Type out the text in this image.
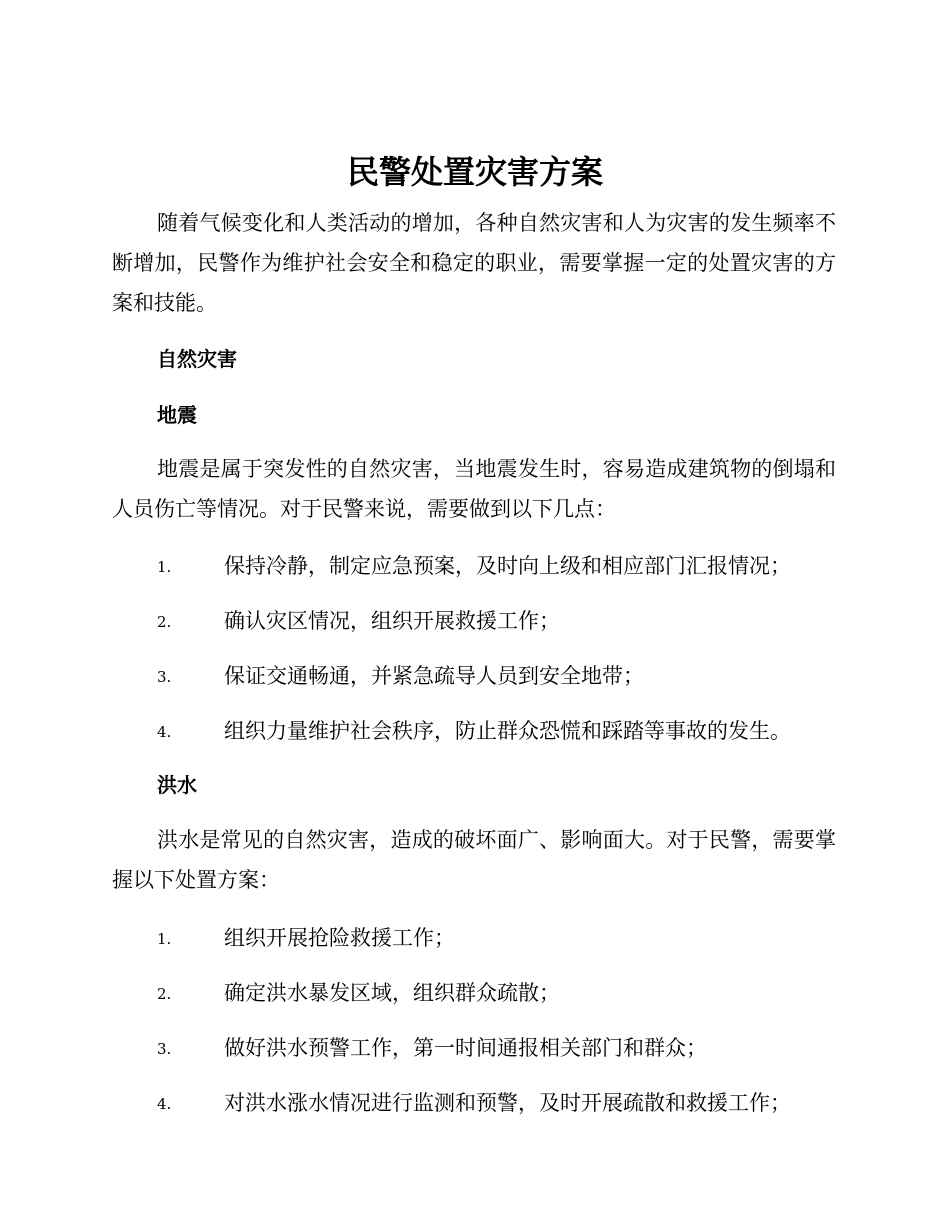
民警处置灾害方案

随着气候变化和人类活动的增加，各种自然灾害和人为灾害的发生频率不断增加，民警作为维护社会安全和稳定的职业，需要掌握一定的处置灾害的方案和技能。

自然灾害
地震

地震是属于突发性的自然灾害，当地震发生时，容易造成建筑物的倒塌和人员伤亡等情况。对于民警来说，需要做到以下几点：

1.	保持冷静，制定应急预案，及时向上级和相应部门汇报情况；
2.	确认灾区情况，组织开展救援工作；
3.	保证交通畅通，并紧急疏导人员到安全地带；
4.	组织力量维护社会秩序，防止群众恐慌和踩踏等事故的发生。
洪水

洪水是常见的自然灾害，造成的破坏面广、影响面大。对于民警，需要掌握以下处置方案：

1.	组织开展抢险救援工作；
2.	确定洪水暴发区域，组织群众疏散；
3.	做好洪水预警工作，第一时间通报相关部门和群众；
4.	对洪水涨水情况进行监测和预警，及时开展疏散和救援工作；
